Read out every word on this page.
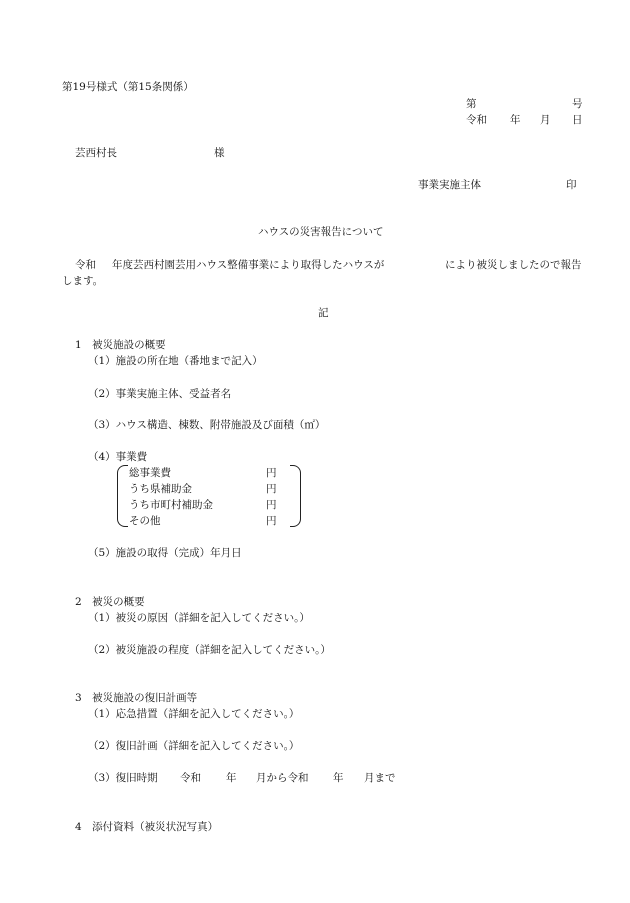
第19号様式（第15条関係）
第	号
令和 年 月 日
芸西村長	様
事業実施主体	印
ハウスの災害報告について
令和 年度芸西村園芸用ハウス整備事業により取得したハウスが	により被災しましたので報告
します。
記
1　被災施設の概要
（1）施設の所在地（番地まで記入）
（2）事業実施主体、受益者名
（3）ハウス構造、棟数、附帯施設及び面積（㎡）
（4）事業費
総事業費	円
うち県補助金	円
うち市町村補助金	円
その他	円
（5）施設の取得（完成）年月日
2　被災の概要
（1）被災の原因（詳細を記入してください。）
（2）被災施設の程度（詳細を記入してください。）
3　被災施設の復旧計画等
（1）応急措置（詳細を記入してください。）
（2）復旧計画（詳細を記入してください。）
（3）復旧時期 令和 年 月から令和 年 月まで
4　添付資料（被災状況写真）
